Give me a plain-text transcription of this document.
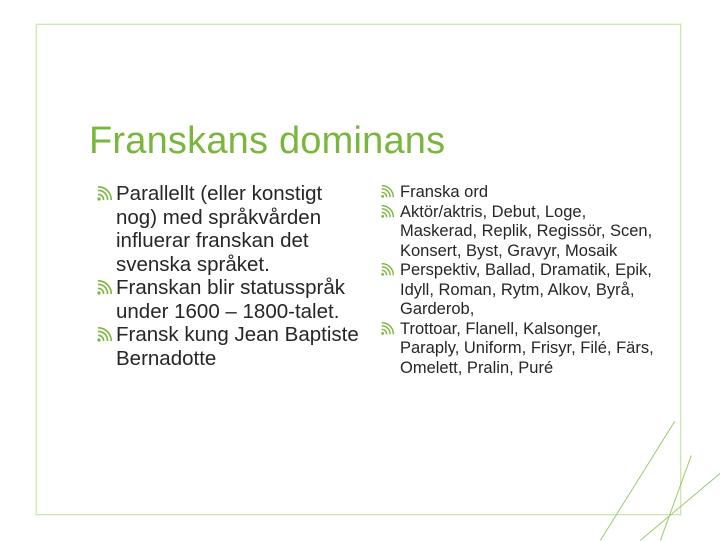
Franskans dominans
Parallellt (eller konstigt nog) med språkvården influerar franskan det svenska språket.
Franskan blir statusspråk under 1600 – 1800-talet.
Fransk kung Jean Baptiste Bernadotte
Franska ord
Aktör/aktris, Debut, Loge, Maskerad, Replik, Regissör, Scen, Konsert, Byst, Gravyr, Mosaik
Perspektiv, Ballad, Dramatik, Epik, Idyll, Roman, Rytm, Alkov, Byrå, Garderob,
Trottoar, Flanell, Kalsonger, Paraply, Uniform, Frisyr, Filé, Färs, Omelett, Pralin, Puré
